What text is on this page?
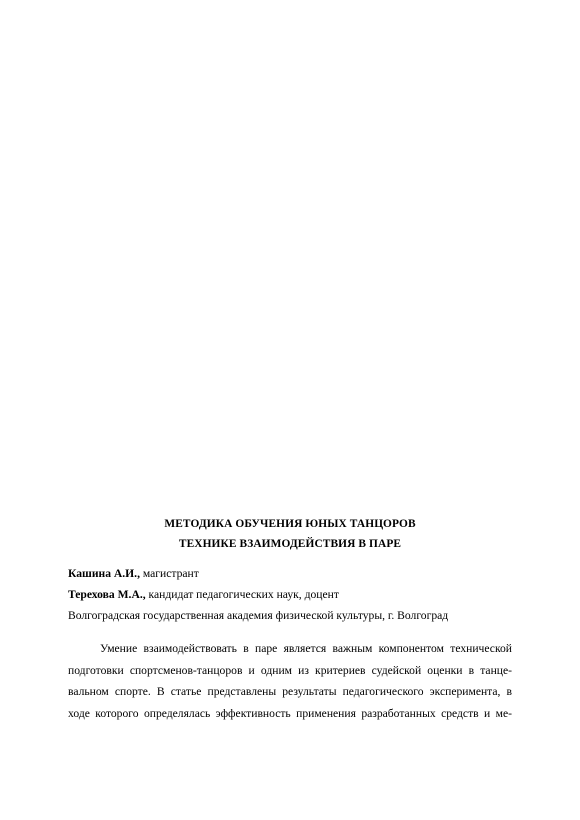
МЕТОДИКА ОБУЧЕНИЯ ЮНЫХ ТАНЦОРОВ
ТЕХНИКЕ ВЗАИМОДЕЙСТВИЯ В ПАРЕ
Кашина А.И., магистрант
Терехова М.А., кандидат педагогических наук, доцент
Волгоградская государственная академия физической культуры, г. Волгоград
Умение взаимодействовать в паре является важным компонентом технической
подготовки спортсменов-танцоров и одним из критериев судейской оценки в танце-
вальном спорте. В статье представлены результаты педагогического эксперимента, в
ходе которого определялась эффективность применения разработанных средств и ме-
